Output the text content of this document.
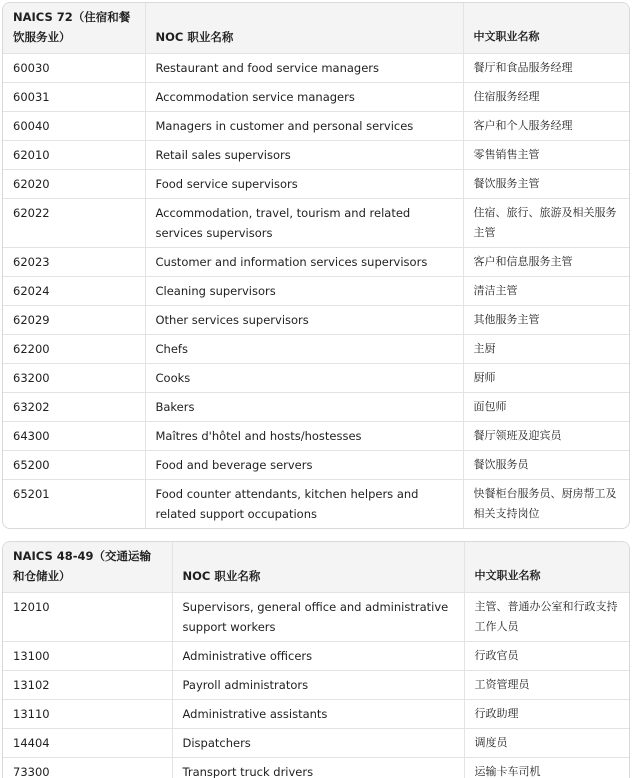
NAICS 72（住宿和餐饮服务业）	NOC 职业名称	中文职业名称
60030	Restaurant and food service managers	餐厅和食品服务经理
60031	Accommodation service managers	住宿服务经理
60040	Managers in customer and personal services	客户和个人服务经理
62010	Retail sales supervisors	零售销售主管
62020	Food service supervisors	餐饮服务主管
62022	Accommodation, travel, tourism and related services supervisors	住宿、旅行、旅游及相关服务主管
62023	Customer and information services supervisors	客户和信息服务主管
62024	Cleaning supervisors	清洁主管
62029	Other services supervisors	其他服务主管
62200	Chefs	主厨
63200	Cooks	厨师
63202	Bakers	面包师
64300	Maîtres d'hôtel and hosts/hostesses	餐厅领班及迎宾员
65200	Food and beverage servers	餐饮服务员
65201	Food counter attendants, kitchen helpers and related support occupations	快餐柜台服务员、厨房帮工及相关支持岗位
NAICS 48-49（交通运输和仓储业）	NOC 职业名称	中文职业名称
12010	Supervisors, general office and administrative support workers	主管、普通办公室和行政支持工作人员
13100	Administrative officers	行政官员
13102	Payroll administrators	工资管理员
13110	Administrative assistants	行政助理
14404	Dispatchers	调度员
73300	Transport truck drivers	运输卡车司机
